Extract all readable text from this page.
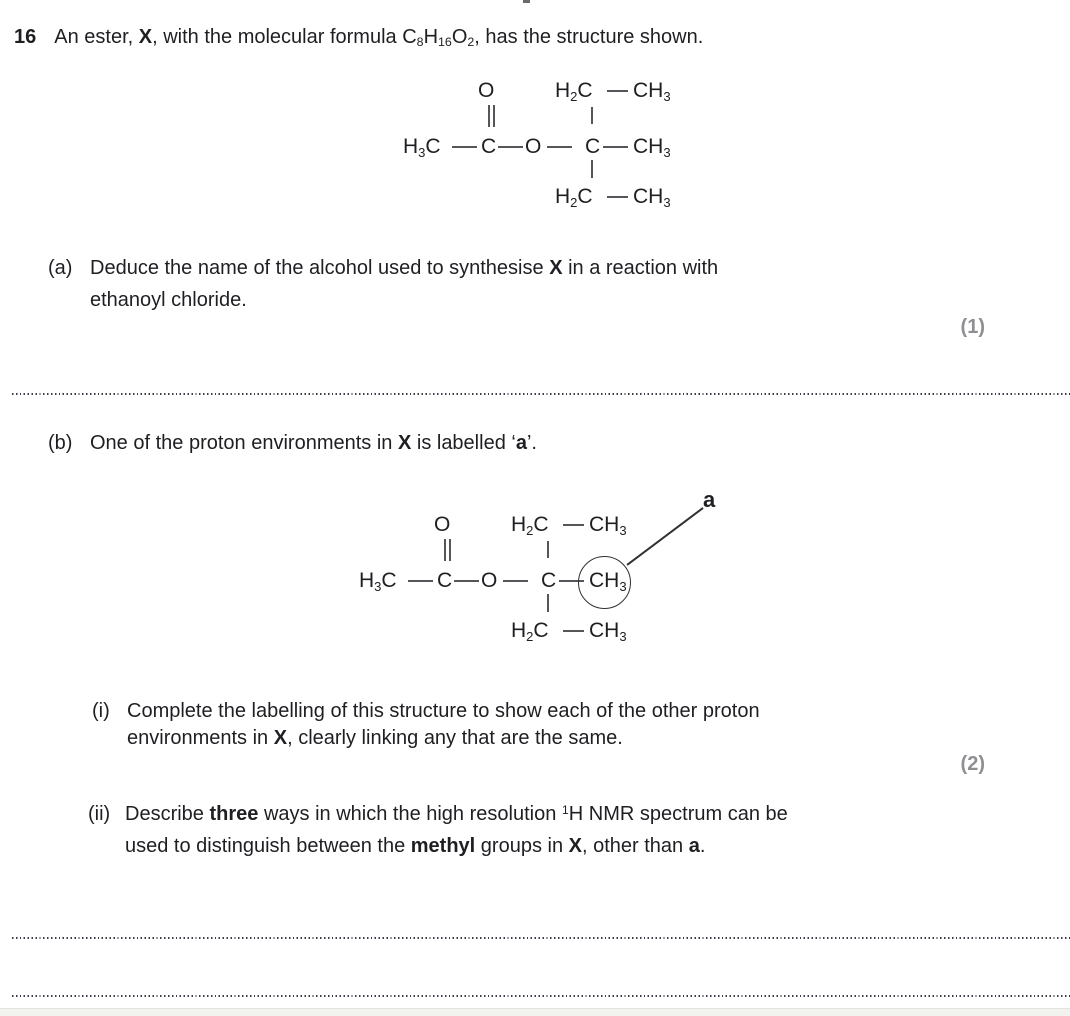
16 An ester, X, with the molecular formula $C_8H_{16}O_2$, has the structure shown.
O
$H_3C$ C O C $CH_3$
$H_2C$ $CH_3$
$H_2C$ $CH_3$
(a) Deduce the name of the alcohol used to synthesise X in a reaction with
ethanoyl chloride.
(1)
(b) One of the proton environments in X is labelled ‘a’.
O
$H_3C$ C O C $CH_3$
$H_2C$ $CH_3$
$H_2C$ $CH_3$
a
(i) Complete the labelling of this structure to show each of the other proton
environments in X, clearly linking any that are the same.
(2)
(ii) Describe three ways in which the high resolution $^1$H NMR spectrum can be
used to distinguish between the methyl groups in X, other than a.
